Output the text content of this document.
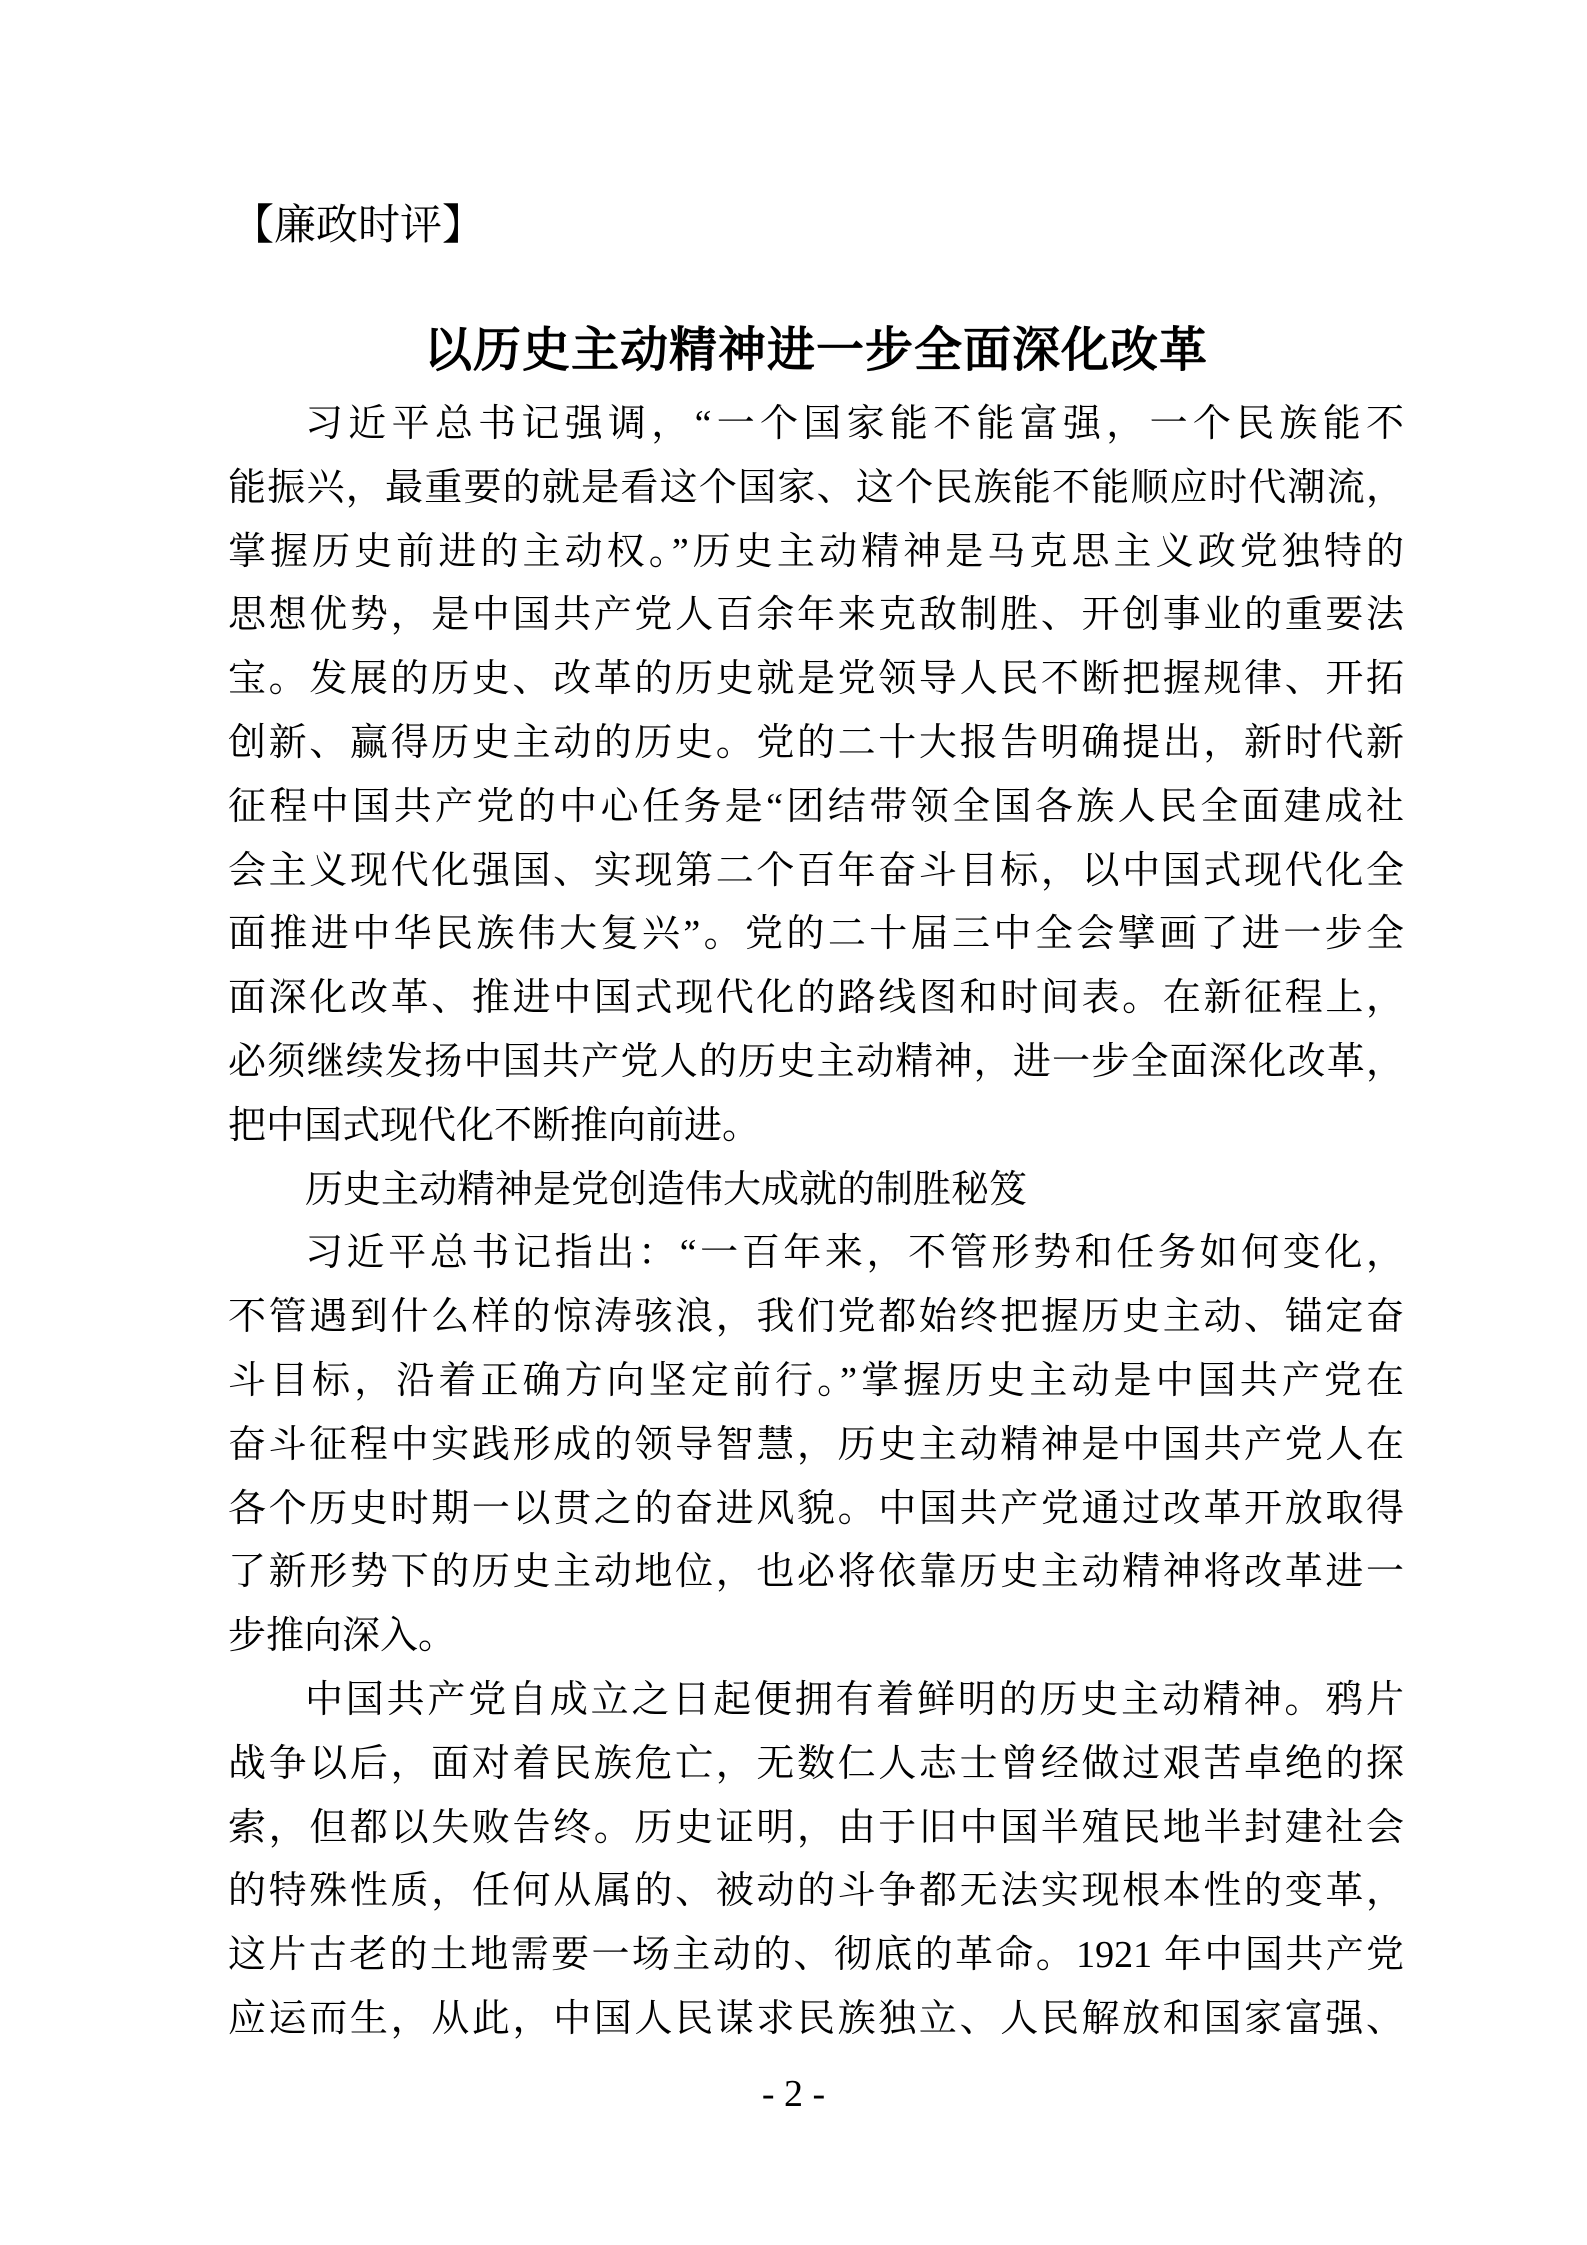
【廉政时评】
以历史主动精神进一步全面深化改革
习近平总书记强调，“一个国家能不能富强，一个民族能不
能振兴，最重要的就是看这个国家、这个民族能不能顺应时代潮流，
掌握历史前进的主动权。”历史主动精神是马克思主义政党独特的
思想优势，是中国共产党人百余年来克敌制胜、开创事业的重要法
宝。发展的历史、改革的历史就是党领导人民不断把握规律、开拓
创新、赢得历史主动的历史。党的二十大报告明确提出，新时代新
征程中国共产党的中心任务是“团结带领全国各族人民全面建成社
会主义现代化强国、实现第二个百年奋斗目标，以中国式现代化全
面推进中华民族伟大复兴”。党的二十届三中全会擘画了进一步全
面深化改革、推进中国式现代化的路线图和时间表。在新征程上，
必须继续发扬中国共产党人的历史主动精神，进一步全面深化改革，
把中国式现代化不断推向前进。
历史主动精神是党创造伟大成就的制胜秘笈
习近平总书记指出：“一百年来，不管形势和任务如何变化，
不管遇到什么样的惊涛骇浪，我们党都始终把握历史主动、锚定奋
斗目标，沿着正确方向坚定前行。”掌握历史主动是中国共产党在
奋斗征程中实践形成的领导智慧，历史主动精神是中国共产党人在
各个历史时期一以贯之的奋进风貌。中国共产党通过改革开放取得
了新形势下的历史主动地位，也必将依靠历史主动精神将改革进一
步推向深入。
中国共产党自成立之日起便拥有着鲜明的历史主动精神。鸦片
战争以后，面对着民族危亡，无数仁人志士曾经做过艰苦卓绝的探
索，但都以失败告终。历史证明，由于旧中国半殖民地半封建社会
的特殊性质，任何从属的、被动的斗争都无法实现根本性的变革，
这片古老的土地需要一场主动的、彻底的革命。1921 年中国共产党
应运而生，从此，中国人民谋求民族独立、人民解放和国家富强、
- 2 -
